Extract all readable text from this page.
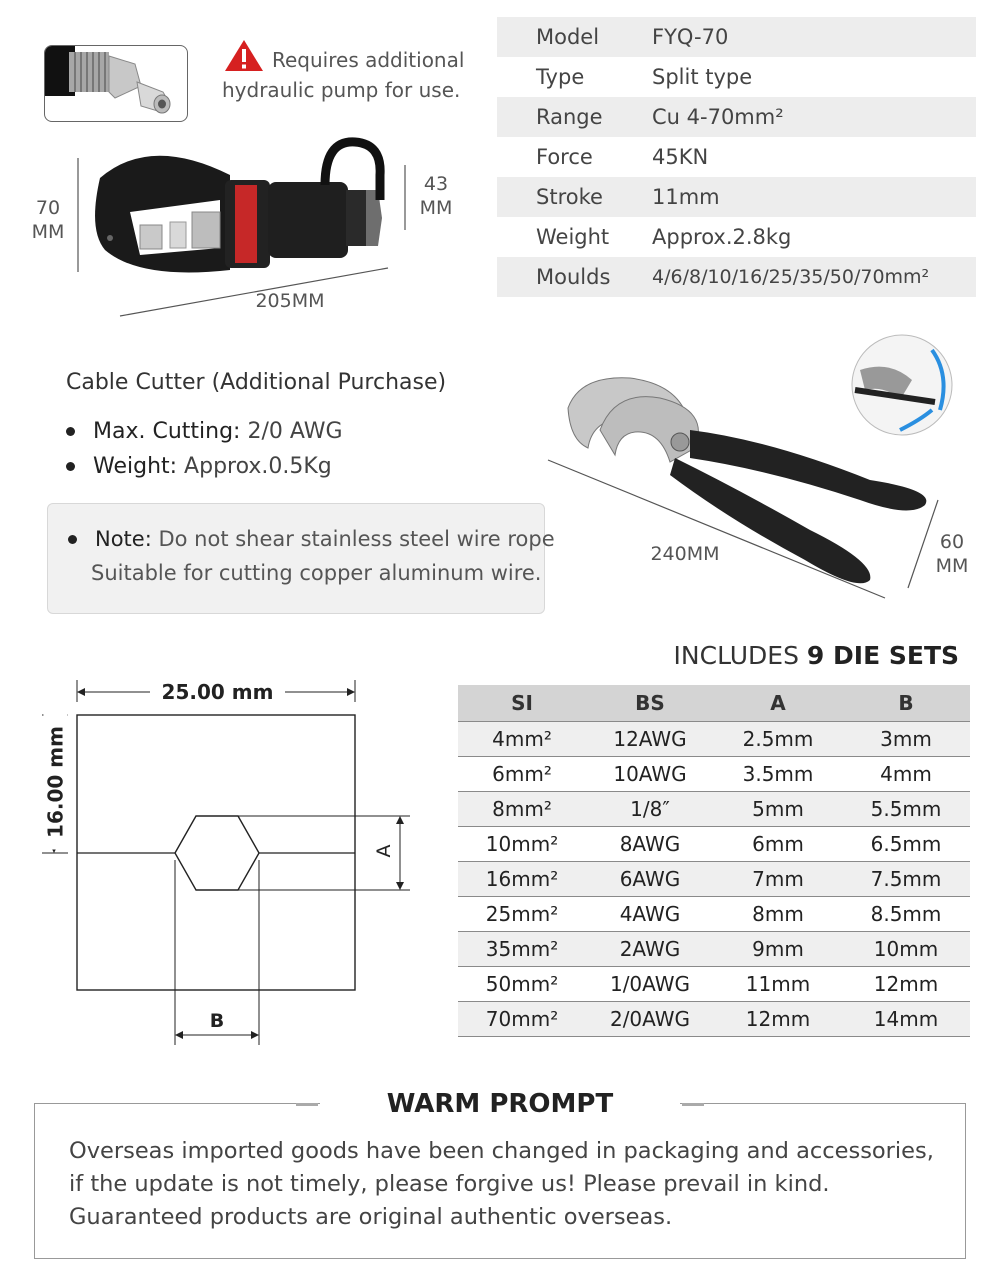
Requires additional
hydraulic pump for use.
70
MM
43
MM
205MM
Model	FYQ-70
Type	Split type
Range	Cu 4-70mm²
Force	45KN
Stroke	11mm
Weight	Approx.2.8kg
Moulds	4/6/8/10/16/25/35/50/70mm²
Cable Cutter (Additional Purchase)
Max. Cutting: 2/0 AWG
Weight: Approx.0.5Kg
Note: Do not shear stainless steel wire rope
Suitable for cutting copper aluminum wire.
240MM
60
MM
25.00 mm
16.00 mm
A
B
INCLUDES 9 DIE SETS
SI	BS	A	B
4mm²	12AWG	2.5mm	3mm
6mm²	10AWG	3.5mm	4mm
8mm²	1/8″	5mm	5.5mm
10mm²	8AWG	6mm	6.5mm
16mm²	6AWG	7mm	7.5mm
25mm²	4AWG	8mm	8.5mm
35mm²	2AWG	9mm	10mm
50mm²	1/0AWG	11mm	12mm
70mm²	2/0AWG	12mm	14mm
WARM PROMPT
Overseas imported goods have been changed in packaging and accessories, if the update is not timely, please forgive us! Please prevail in kind. Guaranteed products are original authentic overseas.
